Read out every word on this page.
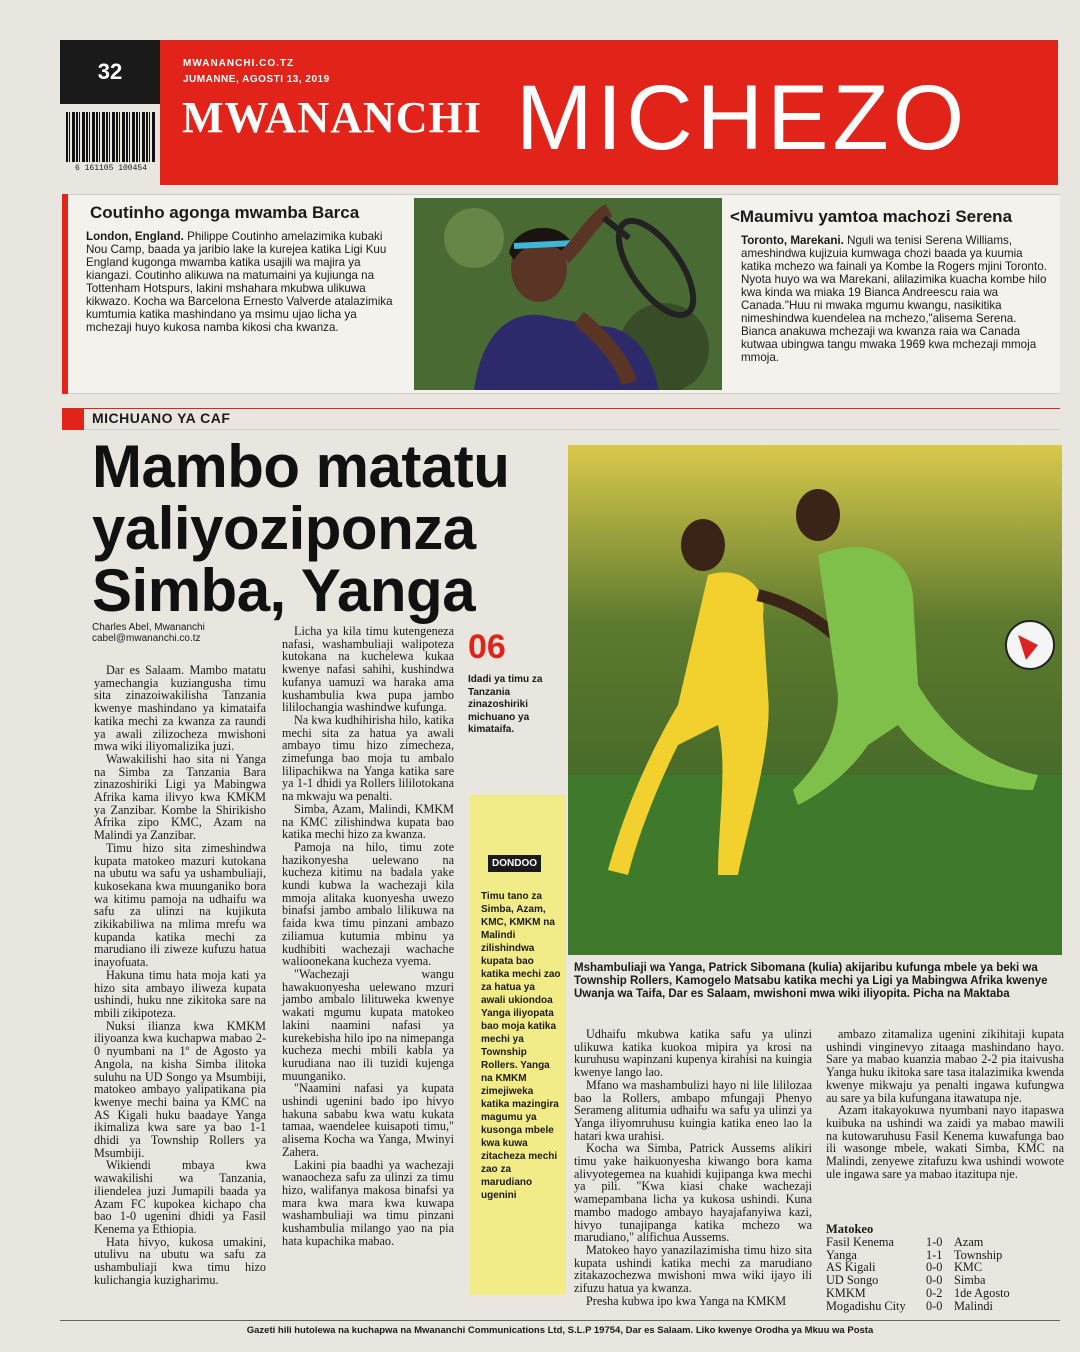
32
6 161105 100454
MWANANCHI.CO.TZ
JUMANNE, AGOSTI 13, 2019
MWANANCHI MICHEZO
Coutinho agonga mwamba Barca
London, England. Philippe Coutinho amelazimika kubaki Nou Camp, baada ya jaribio lake la kurejea katika Ligi Kuu England kugonga mwamba katika usajili wa majira ya kiangazi. Coutinho alikuwa na matumaini ya kujiunga na Tottenham Hotspurs, lakini mshahara mkubwa ulikuwa kikwazo. Kocha wa Barcelona Ernesto Valverde atalazimika kumtumia katika mashindano ya msimu ujao licha ya mchezaji huyo kukosa namba kikosi cha kwanza.
<Maumivu yamtoa machozi Serena
Toronto, Marekani. Nguli wa tenisi Serena Williams, ameshindwa kujizuia kumwaga chozi baada ya kuumia katika mchezo wa fainali ya Kombe la Rogers mjini Toronto. Nyota huyo wa wa Marekani, alilazimika kuacha kombe hilo kwa kinda wa miaka 19 Bianca Andreescu raia wa Canada."Huu ni mwaka mgumu kwangu, nasikitika nimeshindwa kuendelea na mchezo,"alisema Serena. Bianca anakuwa mchezaji wa kwanza raia wa Canada kutwaa ubingwa tangu mwaka 1969 kwa mchezaji mmoja mmoja.
MICHUANO YA CAF
Mambo matatu yaliyoziponza Simba, Yanga
Charles Abel, Mwananchi
cabel@mwananchi.co.tz

Dar es Salaam. Mambo matatu yamechangia kuziangusha timu sita zinazoiwakilisha Tanzania kwenye mashindano ya kimataifa katika mechi za kwanza za raundi ya awali zilizocheza mwishoni mwa wiki iliyomalizika juzi.

Wawakilishi hao sita ni Yanga na Simba za Tanzania Bara zinazoshiriki Ligi ya Mabingwa Afrika kama ilivyo kwa KMKM ya Zanzibar. Kombe la Shirikisho Afrika zipo KMC, Azam na Malindi ya Zanzibar.

Timu hizo sita zimeshindwa kupata matokeo mazuri kutokana na ubutu wa safu ya ushambuliaji, kukosekana kwa muunganiko bora wa kitimu pamoja na udhaifu wa safu za ulinzi na kujikuta zikikabiliwa na mlima mrefu wa kupanda katika mechi za marudiano ili ziweze kufuzu hatua inayofuata.

Hakuna timu hata moja kati ya hizo sita ambayo iliweza kupata ushindi, huku nne zikitoka sare na mbili zikipoteza.

Nuksi ilianza kwa KMKM iliyoanza kwa kuchapwa mabao 2-0 nyumbani na 1º de Agosto ya Angola, na kisha Simba ilitoka suluhu na UD Songo ya Msumbiji, matokeo ambayo yalipatikana pia kwenye mechi baina ya KMC na AS Kigali huku baadaye Yanga ikimaliza kwa sare ya bao 1-1 dhidi ya Township Rollers ya Msumbiji.

Wikiendi mbaya kwa wawakilishi wa Tanzania, iliendelea juzi Jumapili baada ya Azam FC kupokea kichapo cha bao 1-0 ugenini dhidi ya Fasil Kenema ya Ethiopia.

Hata hivyo, kukosa umakini, utulivu na ubutu wa safu za ushambuliaji kwa timu hizo kulichangia kuzigharimu.

Licha ya kila timu kutengeneza nafasi, washambuliaji walipoteza kutokana na kuchelewa kukaa kwenye nafasi sahihi, kushindwa kufanya uamuzi wa haraka ama kushambulia kwa pupa jambo lililochangia washindwe kufunga.

Na kwa kudhihirisha hilo, katika mechi sita za hatua ya awali ambayo timu hizo zimecheza, zimefunga bao moja tu ambalo lilipachikwa na Yanga katika sare ya 1-1 dhidi ya Rollers lililotokana na mkwaju wa penalti.

Simba, Azam, Malindi, KMKM na KMC zilishindwa kupata bao katika mechi hizo za kwanza.

Pamoja na hilo, timu zote hazikonyesha uelewano na kucheza kitimu na badala yake kundi kubwa la wachezaji kila mmoja alitaka kuonyesha uwezo binafsi jambo ambalo lilikuwa na faida kwa timu pinzani ambazo ziliamua kutumia mbinu ya kudhibiti wachezaji wachache walioonekana kucheza vyema.

"Wachezaji wangu hawakuonyesha uelewano mzuri jambo ambalo lilituweka kwenye wakati mgumu kupata matokeo lakini naamini nafasi ya kurekebisha hilo ipo na nimepanga kucheza mechi mbili kabla ya kurudiana nao ili tuzidi kujenga muunganiko.

"Naamini nafasi ya kupata ushindi ugenini bado ipo hivyo hakuna sababu kwa watu kukata tamaa, waendelee kuisapoti timu," alisema Kocha wa Yanga, Mwinyi Zahera.

Lakini pia baadhi ya wachezaji wanaocheza safu za ulinzi za timu hizo, walifanya makosa binafsi ya mara kwa mara kwa kuwapa washambuliaji wa timu pinzani kushambulia milango yao na pia hata kupachika mabao.

06
Idadi ya timu za Tanzania zinazoshiriki michuano ya kimataifa.
DONDOO
Timu tano za Simba, Azam, KMC, KMKM na Malindi zilishindwa kupata bao katika mechi zao za hatua ya awali ukiondoa Yanga iliyopata bao moja katika mechi ya Township Rollers. Yanga na KMKM zimejiweka katika mazingira magumu ya kusonga mbele kwa kuwa zitacheza mechi zao za marudiano ugenini
Mshambuliaji wa Yanga, Patrick Sibomana (kulia) akijaribu kufunga mbele ya beki wa Township Rollers, Kamogelo Matsabu katika mechi ya Ligi ya Mabingwa Afrika kwenye Uwanja wa Taifa, Dar es Salaam, mwishoni mwa wiki iliyopita. Picha na Maktaba

Udhaifu mkubwa katika safu ya ulinzi ulikuwa katika kuokoa mipira ya krosi na kuruhusu wapinzani kupenya kirahisi na kuingia kwenye lango lao.

Mfano wa mashambulizi hayo ni lile lililozaa bao la Rollers, ambapo mfungaji Phenyo Serameng alitumia udhaifu wa safu ya ulinzi ya Yanga iliyomruhusu kuingia katika eneo lao la hatari kwa urahisi.

Kocha wa Simba, Patrick Aussems alikiri timu yake haikuonyesha kiwango bora kama alivyotegemea na kuahidi kujipanga kwa mechi ya pili. "Kwa kiasi chake wachezaji wamepambana licha ya kukosa ushindi. Kuna mambo madogo ambayo hayajafanyiwa kazi, hivyo tunajipanga katika mchezo wa marudiano," alifichua Aussems.

Matokeo hayo yanazilazimisha timu hizo sita kupata ushindi katika mechi za marudiano zitakazochezwa mwishoni mwa wiki ijayo ili zifuzu hatua ya kwanza.

Presha kubwa ipo kwa Yanga na KMKM

ambazo zitamaliza ugenini zikihitaji kupata ushindi vinginevyo zitaaga mashindano hayo. Sare ya mabao kuanzia mabao 2-2 pia itaivusha Yanga huku ikitoka sare tasa italazimika kwenda kwenye mikwaju ya penalti ingawa kufungwa au sare ya bila kufungana itawatupa nje.

Azam itakayokuwa nyumbani nayo itapaswa kuibuka na ushindi wa zaidi ya mabao mawili na kutowaruhusu Fasil Kenema kuwafunga bao ili wasonge mbele, wakati Simba, KMC na Malindi, zenyewe zitafuzu kwa ushindi wowote ule ingawa sare ya mabao itazitupa nje.

Matokeo
Fasil Kenema	1-0 Azam
Yanga	1-1 Township
AS Kigali	0-0 KMC
UD Songo	0-0 Simba
KMKM	0-2 1de Agosto
Mogadishu City	0-0 Malindi
Gazeti hili hutolewa na kuchapwa na Mwananchi Communications Ltd, S.L.P 19754, Dar es Salaam. Liko kwenye Orodha ya Mkuu wa Posta
